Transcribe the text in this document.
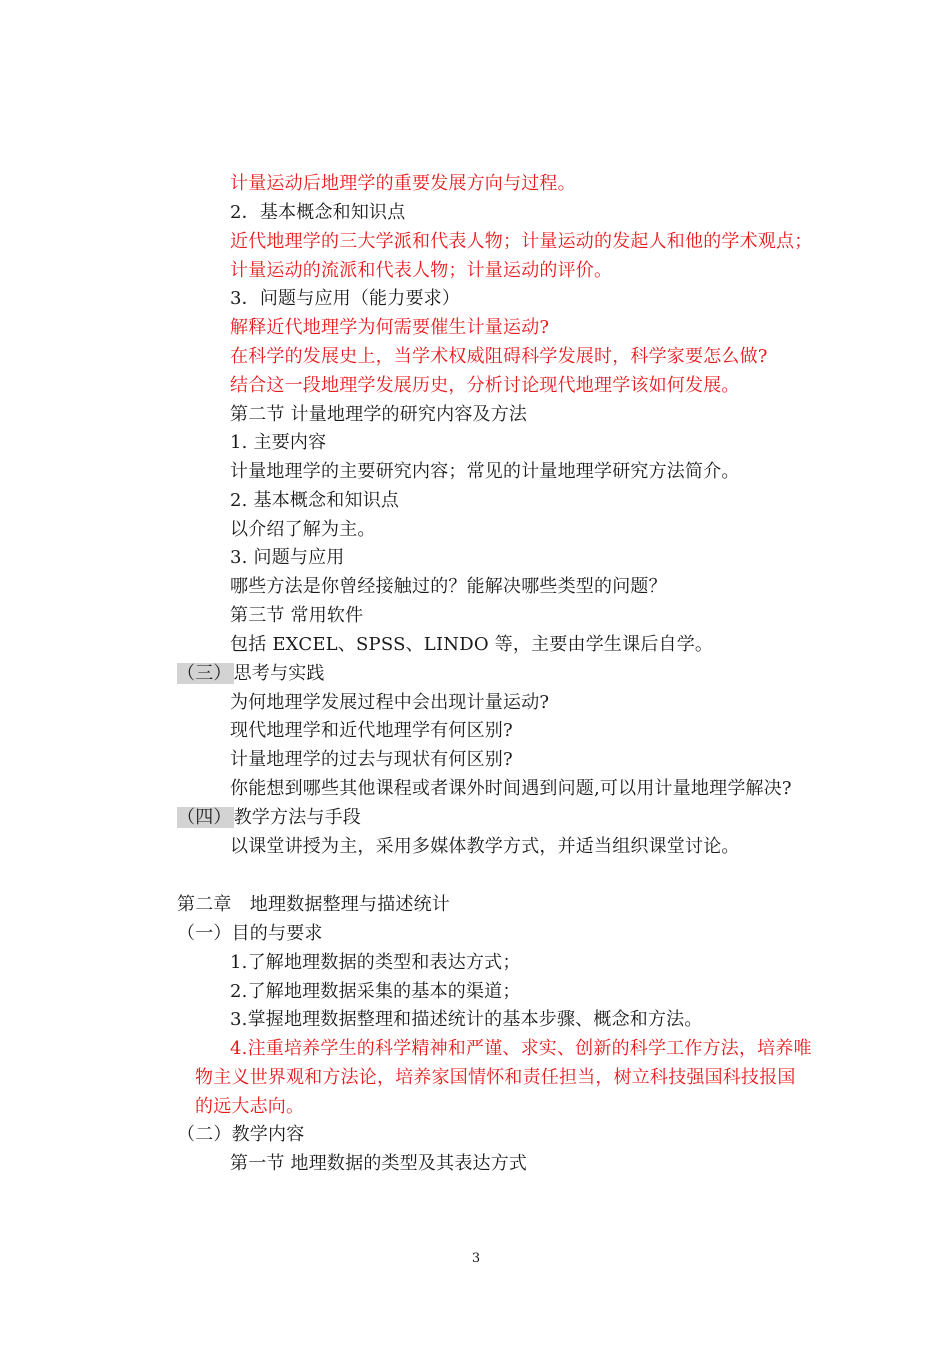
计量运动后地理学的重要发展方向与过程。
2．基本概念和知识点
近代地理学的三大学派和代表人物；计量运动的发起人和他的学术观点；
计量运动的流派和代表人物；计量运动的评价。
3．问题与应用（能力要求）
解释近代地理学为何需要催生计量运动?
在科学的发展史上，当学术权威阻碍科学发展时，科学家要怎么做?
结合这一段地理学发展历史，分析讨论现代地理学该如何发展。
第二节 计量地理学的研究内容及方法
1. 主要内容
计量地理学的主要研究内容；常见的计量地理学研究方法简介。
2. 基本概念和知识点
以介绍了解为主。
3. 问题与应用
哪些方法是你曾经接触过的？能解决哪些类型的问题？
第三节 常用软件
包括 EXCEL、SPSS、LINDO 等，主要由学生课后自学。
（三） 思考与实践
为何地理学发展过程中会出现计量运动?
现代地理学和近代地理学有何区别?
计量地理学的过去与现状有何区别?
你能想到哪些其他课程或者课外时间遇到问题,可以用计量地理学解决?
（四） 教学方法与手段
以课堂讲授为主，采用多媒体教学方式，并适当组织课堂讨论。
第二章　地理数据整理与描述统计
（一）目的与要求
1.了解地理数据的类型和表达方式；
2.了解地理数据采集的基本的渠道；
3.掌握地理数据整理和描述统计的基本步骤、概念和方法。
4.注重培养学生的科学精神和严谨、求实、创新的科学工作方法，培养唯
物主义世界观和方法论，培养家国情怀和责任担当，树立科技强国科技报国
的远大志向。
（二）教学内容
第一节 地理数据的类型及其表达方式
3
